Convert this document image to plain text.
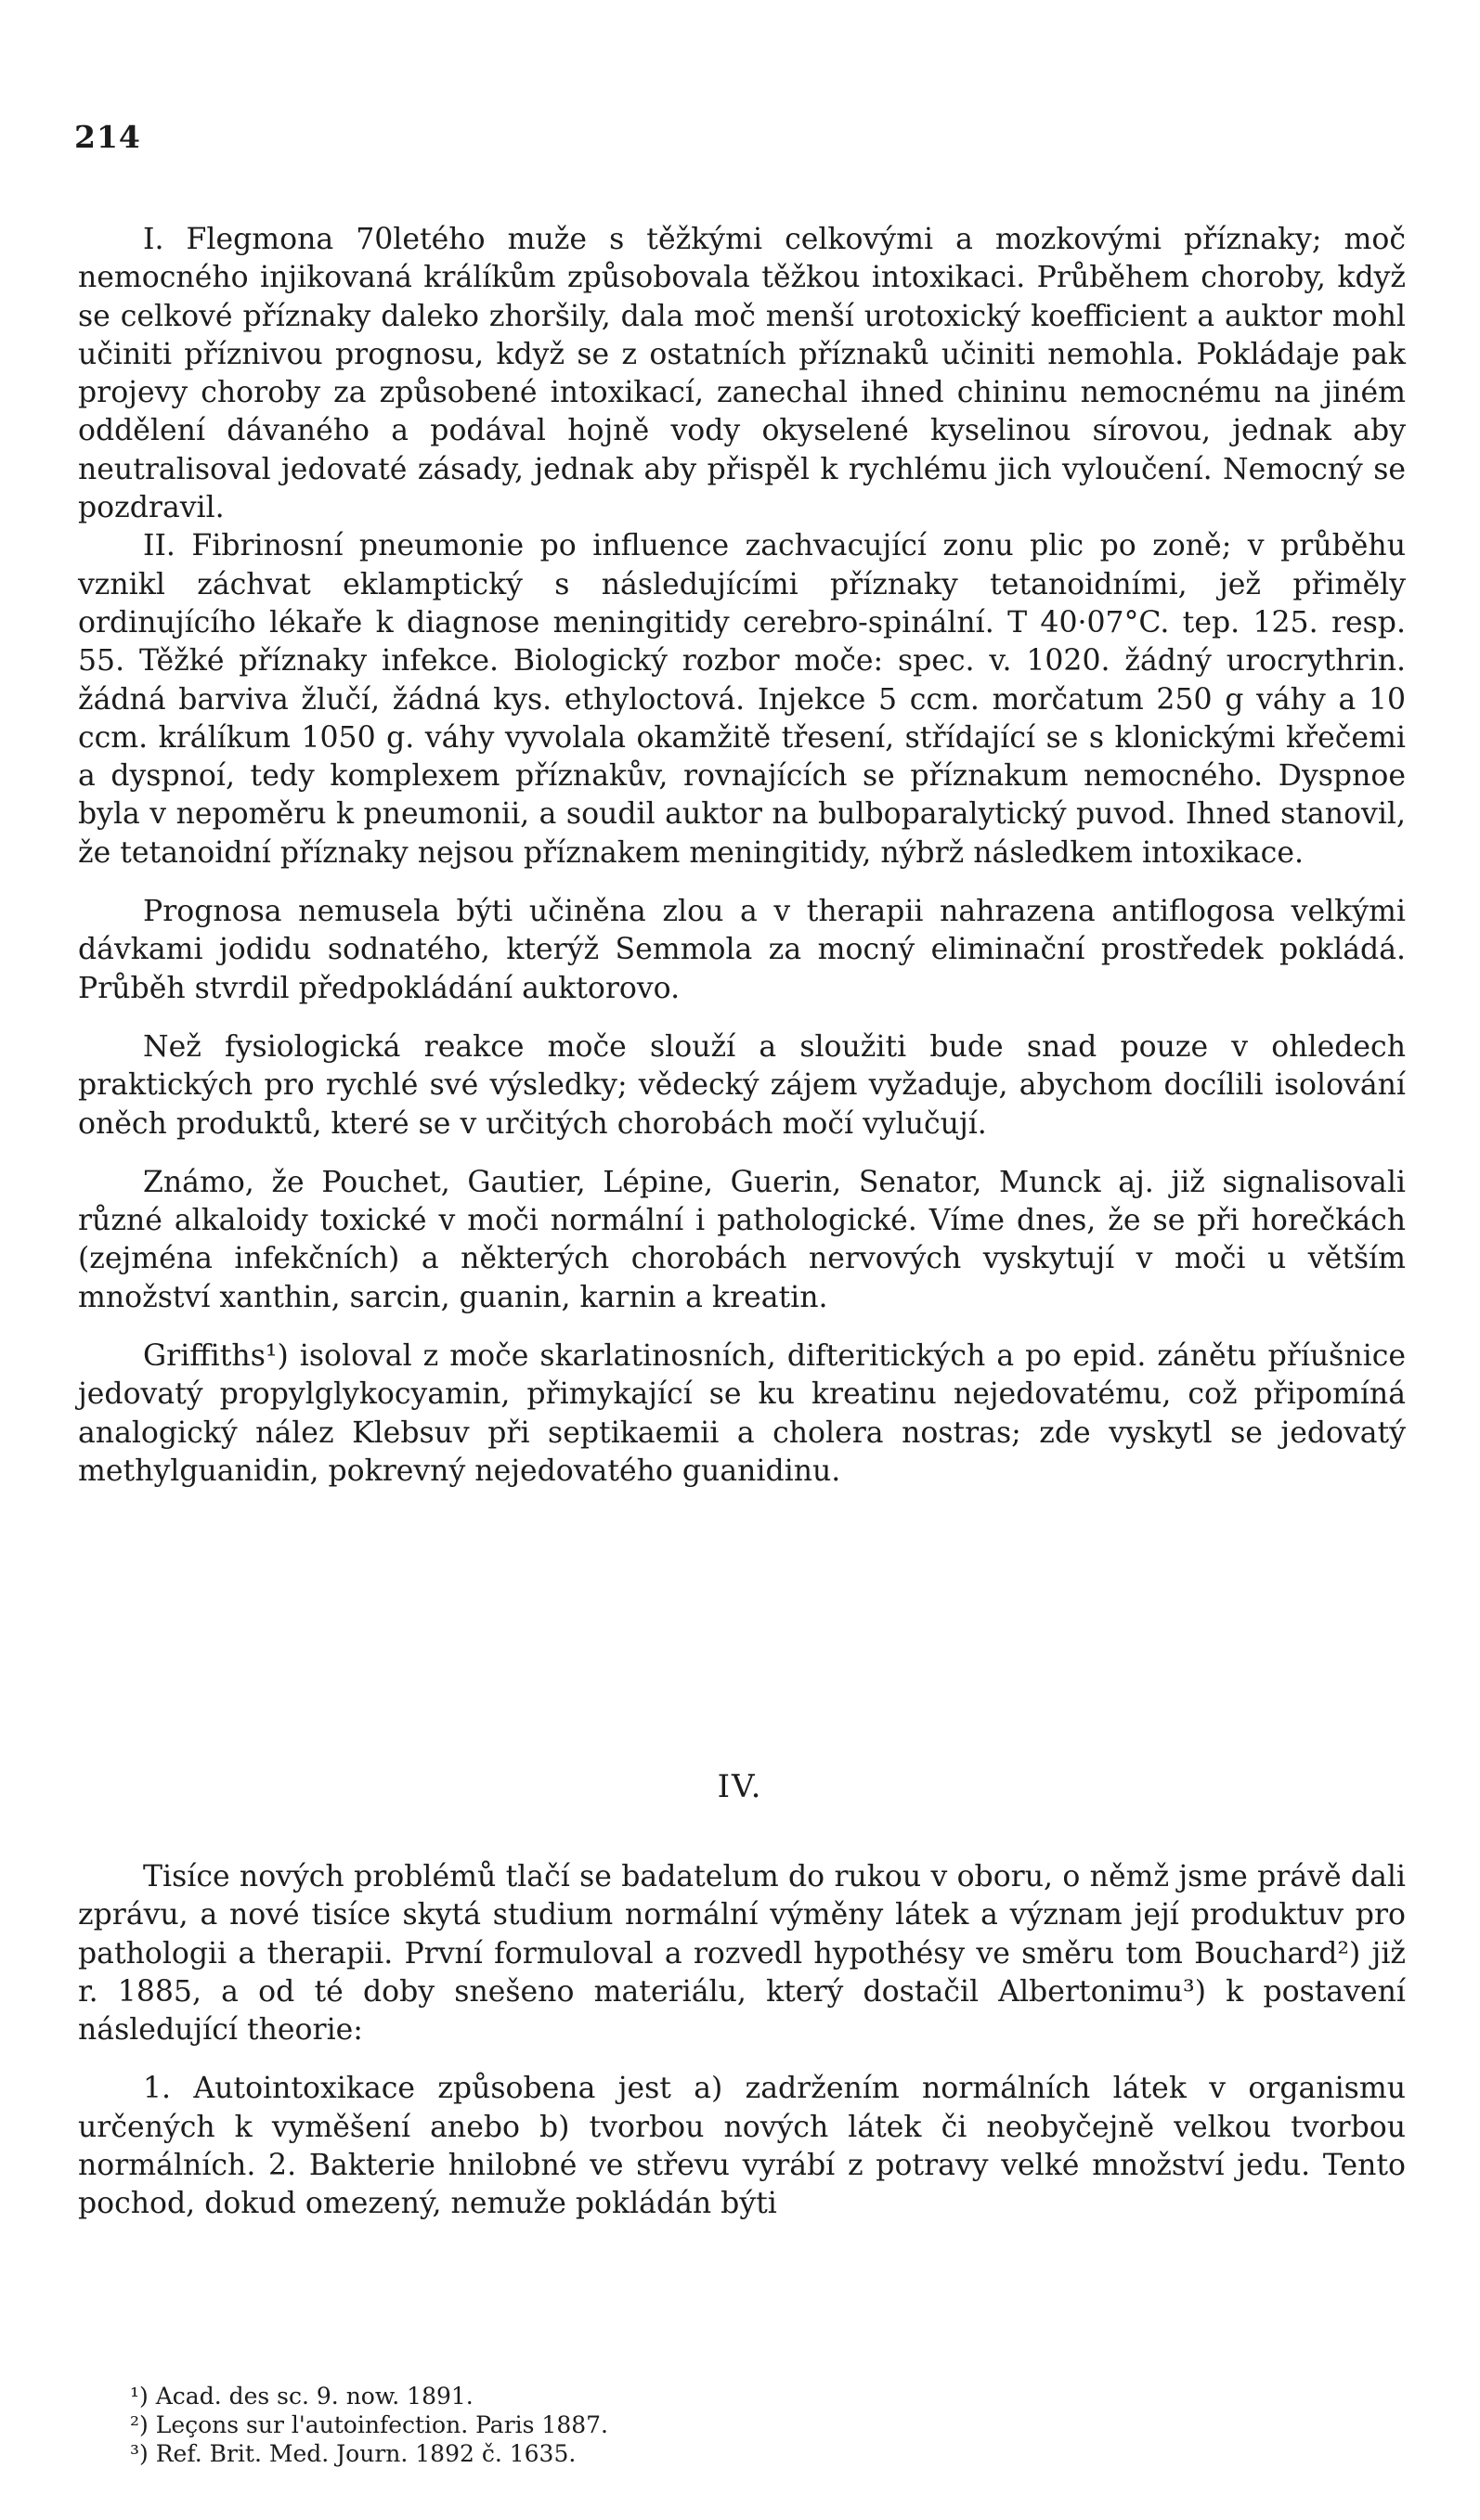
214

I. Flegmona 70letého muže s těžkými celkovými a mozkovými příznaky; moč nemocného injikovaná králíkům způsobovala těžkou intoxikaci. Průběhem choroby, když se celkové příznaky daleko zhoršily, dala moč menší urotoxický koefficient a auktor mohl učiniti příznivou prognosu, když se z ostatních příznaků učiniti nemohla. Pokládaje pak projevy choroby za způsobené intoxikací, zanechal ihned chininu nemocnému na jiném oddělení dávaného a podával hojně vody okyselené kyselinou sírovou, jednak aby neutralisoval jedovaté zásady, jednak aby přispěl k rychlému jich vyloučení. Nemocný se pozdravil.

II. Fibrinosní pneumonie po influence zachvacující zonu plic po zoně; v průběhu vznikl záchvat eklamptický s následujícími příznaky tetanoidními, jež přiměly ordinujícího lékaře k diagnose meningitidy cerebro-spinální. T 40·07°C. tep. 125. resp. 55. Těžké příznaky infekce. Biologický rozbor moče: spec. v. 1020. žádný urocrythrin. žádná barviva žlučí, žádná kys. ethyloctová. Injekce 5 ccm. morčatum 250 g váhy a 10 ccm. králíkum 1050 g. váhy vyvolala okamžitě třesení, střídající se s klonickými křečemi a dyspnoí, tedy komplexem příznakův, rovnajících se příznakum nemocného. Dyspnoe byla v nepoměru k pneumonii, a soudil auktor na bulboparalytický puvod. Ihned stanovil, že tetanoidní příznaky nejsou příznakem meningitidy, nýbrž následkem intoxikace.

Prognosa nemusela býti učiněna zlou a v therapii nahrazena antiflogosa velkými dávkami jodidu sodnatého, kterýž Semmola za mocný eliminační prostředek pokládá. Průběh stvrdil předpokládání auktorovo.

Než fysiologická reakce moče slouží a sloužiti bude snad pouze v ohledech praktických pro rychlé své výsledky; vědecký zájem vyžaduje, abychom docílili isolování oněch produktů, které se v určitých chorobách močí vylučují.

Známo, že Pouchet, Gautier, Lépine, Guerin, Senator, Munck aj. již signalisovali různé alkaloidy toxické v moči normální i pathologické. Víme dnes, že se při horečkách (zejména infekčních) a některých chorobách nervových vyskytují v moči u větším množství xanthin, sarcin, guanin, karnin a kreatin.

Griffiths¹) isoloval z moče skarlatinosních, difteritických a po epid. zánětu příušnice jedovatý propylglykocyamin, přimykající se ku kreatinu nejedovatému, což připomíná analogický nález Klebsuv při septikaemii a cholera nostras; zde vyskytl se jedovatý methylguanidin, pokrevný nejedovatého guanidinu.

IV.

Tisíce nových problémů tlačí se badatelum do rukou v oboru, o němž jsme právě dali zprávu, a nové tisíce skytá studium normální výměny látek a význam její produktuv pro pathologii a therapii. První formuloval a rozvedl hypothésy ve směru tom Bouchard²) již r. 1885, a od té doby snešeno materiálu, který dostačil Albertonimu³) k postavení následující theorie:

1. Autointoxikace způsobena jest a) zadržením normálních látek v organismu určených k vyměšení anebo b) tvorbou nových látek či neobyčejně velkou tvorbou normálních. 2. Bakterie hnilobné ve střevu vyrábí z potravy velké množství jedu. Tento pochod, dokud omezený, nemuže pokládán býti

¹) Acad. des sc. 9. now. 1891.
²) Leçons sur l'autoinfection. Paris 1887.
³) Ref. Brit. Med. Journ. 1892 č. 1635.
